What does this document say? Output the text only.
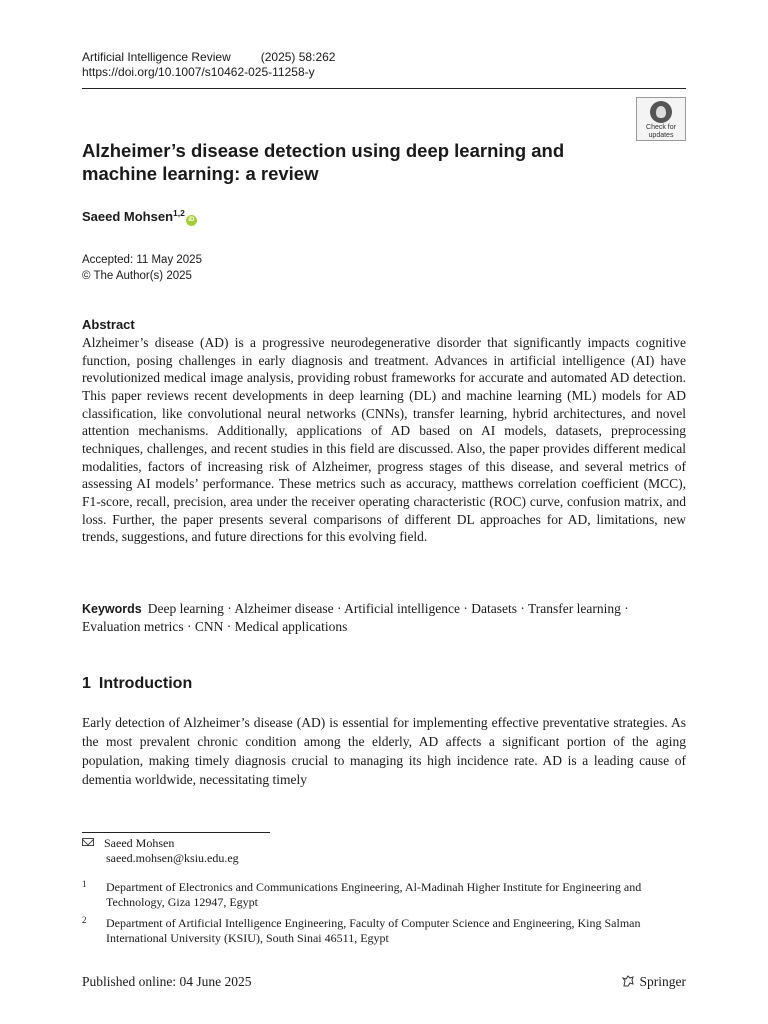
Artificial Intelligence Review	(2025) 58:262
https://doi.org/10.1007/s10462-025-11258-y
Check for
updates
Alzheimer’s disease detection using deep learning and machine learning: a review
Saeed Mohsen$^{1,2}$iD
Accepted: 11 May 2025
© The Author(s) 2025
Abstract
Alzheimer’s disease (AD) is a progressive neurodegenerative disorder that significantly impacts cognitive function, posing challenges in early diagnosis and treatment. Advances in artificial intelligence (AI) have revolutionized medical image analysis, providing robust frameworks for accurate and automated AD detection. This paper reviews recent developments in deep learning (DL) and machine learning (ML) models for AD classification, like convolutional neural networks (CNNs), transfer learning, hybrid architectures, and novel attention mechanisms. Additionally, applications of AD based on AI models, datasets, preprocessing techniques, challenges, and recent studies in this field are discussed. Also, the paper provides different medical modalities, factors of increasing risk of Alzheimer, progress stages of this disease, and several metrics of assessing AI models’ performance. These metrics such as accuracy, matthews correlation coefficient (MCC), F1-score, recall, precision, area under the receiver operating characteristic (ROC) curve, confusion matrix, and loss. Further, the paper presents several comparisons of different DL approaches for AD, limitations, new trends, suggestions, and future directions for this evolving field.
Keywords Deep learning · Alzheimer disease · Artificial intelligence · Datasets · Transfer learning · Evaluation metrics · CNN · Medical applications
1 Introduction
Early detection of Alzheimer’s disease (AD) is essential for implementing effective preventative strategies. As the most prevalent chronic condition among the elderly, AD affects a significant portion of the aging population, making timely diagnosis crucial to managing its high incidence rate. AD is a leading cause of dementia worldwide, necessitating timely
Saeed Mohsen
saeed.mohsen@ksiu.edu.eg
1 Department of Electronics and Communications Engineering, Al-Madinah Higher Institute for Engineering and Technology, Giza 12947, Egypt
2 Department of Artificial Intelligence Engineering, Faculty of Computer Science and Engineering, King Salman International University (KSIU), South Sinai 46511, Egypt
Published online: 04 June 2025	Springer
